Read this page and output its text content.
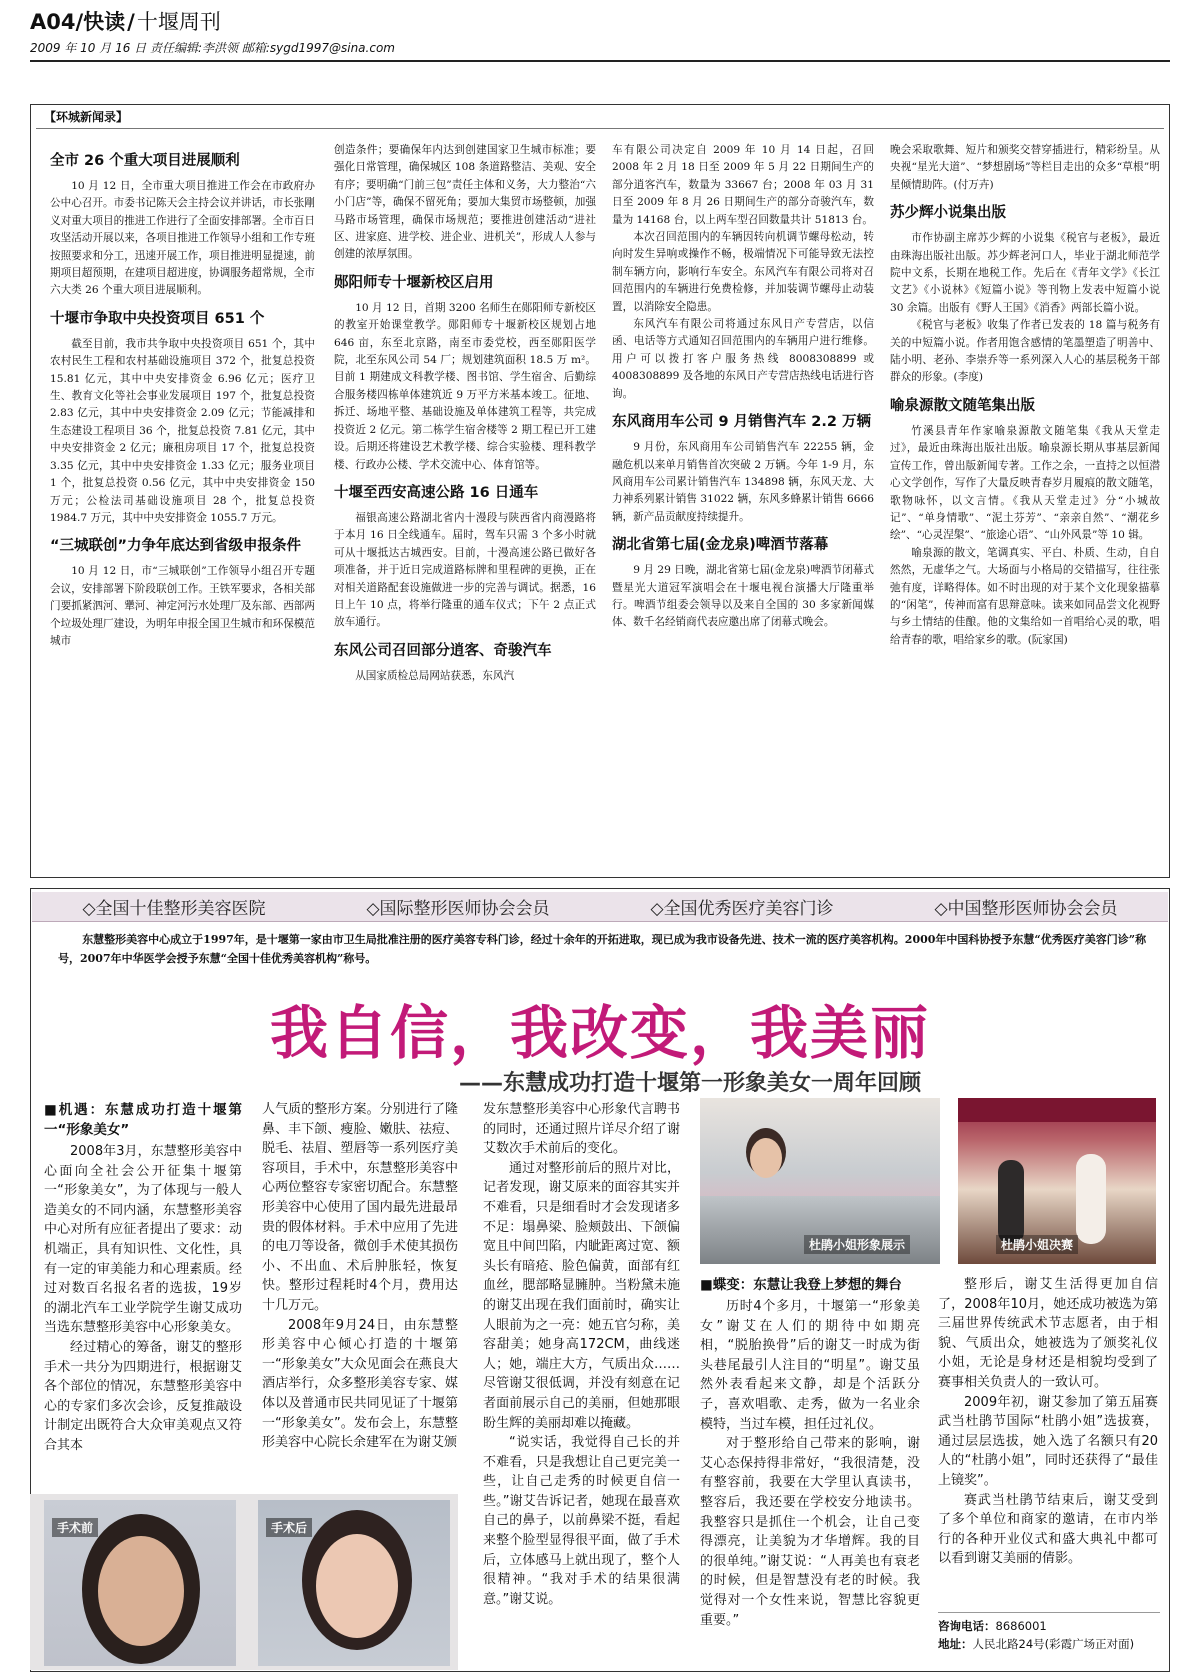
A04/快读/十堰周刊
2009 年 10 月 16 日 责任编辑:李洪领 邮箱:sygd1997@sina.com
【环城新闻录】
全市 26 个重大项目进展顺利

10 月 12 日，全市重大项目推进工作会在市政府办公中心召开。市委书记陈天会主持会议并讲话，市长张剛义对重大项目的推进工作进行了全面安排部署。全市百日攻坚活动开展以来，各项目推进工作领导小组和工作专班按照要求和分工，迅速开展工作，项目推进明显提速，前期项目超预期，在建项目超进度，协调服务超常规，全市六大类 26 个重大项目进展顺利。

十堰市争取中央投资项目 651 个

截至目前，我市共争取中央投资项目 651 个，其中农村民生工程和农村基础设施项目 372 个，批复总投资 15.81 亿元，其中中央安排资金 6.96 亿元；医疗卫生、教育文化等社会事业发展项目 197 个，批复总投资 2.83 亿元，其中中央安排资金 2.09 亿元；节能减排和生态建设工程项目 36 个，批复总投资 7.81 亿元，其中中央安排资金 2 亿元；廉租房项目 17 个，批复总投资 3.35 亿元，其中中央安排资金 1.33 亿元；服务业项目 1 个，批复总投资 0.56 亿元，其中中央安排资金 150 万元；公检法司基础设施项目 28 个，批复总投资 1984.7 万元，其中中央安排资金 1055.7 万元。

“三城联创”力争年底达到省级申报条件

10 月 12 日，市“三城联创”工作领导小组召开专题会议，安排部署下阶段联创工作。王铁军要求，各相关部门要抓紧泗河、犟河、神定河污水处理厂及东部、西部两个垃圾处理厂建设，为明年申报全国卫生城市和环保模范城市

创造条件；要确保年内达到创建国家卫生城市标准；要强化日常管理，确保城区 108 条道路整洁、美观、安全有序；要明确“门前三包”责任主体和义务，大力整治“六小门店”等，确保不留死角；要加大集贸市场整顿，加强马路市场管理，确保市场规范；要推进创建活动“进社区、进家庭、进学校、进企业、进机关”，形成人人参与创建的浓厚氛围。

郧阳师专十堰新校区启用

10 月 12 日，首期 3200 名师生在郧阳师专新校区的教室开始课堂教学。郧阳师专十堰新校区规划占地 646 亩，东至北京路，南至市委党校，西至郧阳医学院，北至东风公司 54 厂；规划建筑面积 18.5 万 m²。目前 1 期建成文科教学楼、图书馆、学生宿舍、后勤综合服务楼四栋单体建筑近 9 万平方米基本竣工。征地、拆迁、场地平整、基础设施及单体建筑工程等，共完成投资近 2 亿元。第二栋学生宿舍楼等 2 期工程已开工建设。后期还将建设艺术教学楼、综合实验楼、理科教学楼、行政办公楼、学术交流中心、体育馆等。

十堰至西安高速公路 16 日通车

福银高速公路湖北省内十漫段与陕西省内商漫路将于本月 16 日全线通车。届时，驾车只需 3 个多小时就可从十堰抵达古城西安。目前，十漫高速公路已做好各项准备，并于近日完成道路标牌和里程碑的更换，正在对相关道路配套设施做进一步的完善与调试。据悉，16 日上午 10 点，将举行隆重的通车仪式；下午 2 点正式放车通行。

东风公司召回部分逍客、奇骏汽车

从国家质检总局网站获悉，东风汽

车有限公司决定自 2009 年 10 月 14 日起，召回 2008 年 2 月 18 日至 2009 年 5 月 22 日期间生产的部分逍客汽车，数量为 33667 台；2008 年 03 月 31 日至 2009 年 8 月 26 日期间生产的部分奇骏汽车，数量为 14168 台，以上两车型召回数量共计 51813 台。

本次召回范围内的车辆因转向机调节螺母松动，转向时发生异响或操作不畅，极端情况下可能导致无法控制车辆方向，影响行车安全。东风汽车有限公司将对召回范围内的车辆进行免费检修，并加装调节螺母止动装置，以消除安全隐患。

东风汽车有限公司将通过东风日产专营店，以信函、电话等方式通知召回范围内的车辆用户进行维修。用户可以拨打客户服务热线 8008308899 或 4008308899 及各地的东风日产专营店热线电话进行咨询。

东风商用车公司 9 月销售汽车 2.2 万辆

9 月份，东风商用车公司销售汽车 22255 辆，金融危机以来单月销售首次突破 2 万辆。今年 1-9 月，东风商用车公司累计销售汽车 134898 辆，东风天龙、大力神系列累计销售 31022 辆，东风多蜂累计销售 6666 辆，新产品贡献度持续提升。

湖北省第七届(金龙泉)啤酒节落幕

9 月 29 日晚，湖北省第七届(金龙泉)啤酒节闭幕式暨星光大道冠军演唱会在十堰电视台演播大厅隆重举行。啤酒节组委会领导以及来自全国的 30 多家新闻媒体、数千名经销商代表应邀出席了闭幕式晚会。

晚会采取歌舞、短片和颁奖交替穿插进行，精彩纷呈。从央视“星光大道”、“梦想剧场”等栏目走出的众多“草根”明星倾情助阵。(付万卉)

苏少辉小说集出版

市作协副主席苏少辉的小说集《税官与老板》，最近由珠海出版社出版。苏少辉老河口人，毕业于湖北师范学院中文系，长期在地税工作。先后在《青年文学》《长江文艺》《小说林》《短篇小说》等刊物上发表中短篇小说 30 余篇。出版有《野人王国》《消香》两部长篇小说。

《税官与老板》收集了作者已发表的 18 篇与税务有关的中短篇小说。作者用饱含感情的笔墨塑造了明善中、陆小明、老孙、李崇乔等一系列深入人心的基层税务干部群众的形象。(李度)

喻泉源散文随笔集出版

竹溪县青年作家喻泉源散文随笔集《我从天堂走过》，最近由珠海出版社出版。喻泉源长期从事基层新闻宣传工作，曾出版新闻专著。工作之余，一直持之以恒潜心文学创作，写作了大量反映青春岁月履痕的散文随笔，歌物咏怀，以文言情。《我从天堂走过》分“小城故记”、“单身情歌”、“泥土芬芳”、“亲亲自然”、“潮花乡绘”、“心灵涅槃”、“旅途心语”、“山外风景”等 10 辑。

喻泉源的散文，笔调真实、平白、朴质、生动，自自然然，无虚华之气。大场面与小格局的交错描写，往往张弛有度，详略得体。如不时出现的对于某个文化现象描摹的“闲笔”，传神而富有思辩意味。读来如同品尝文化视野与乡土情结的佳酿。他的文集给如一首唱给心灵的歌，唱给青春的歌，唱给家乡的歌。(阮家国)

◇全国十佳整形美容医院	◇国际整形医师协会会员	◇全国优秀医疗美容门诊	◇中国整形医师协会会员
东慧整形美容中心成立于1997年，是十堰第一家由市卫生局批准注册的医疗美容专科门诊，经过十余年的开拓进取，现已成为我市设备先进、技术一流的医疗美容机构。2000年中国科协授予东慧“优秀医疗美容门诊”称号，2007年中华医学会授予东慧“全国十佳优秀美容机构”称号。
我自信，我改变，我美丽
——东慧成功打造十堰第一形象美女一周年回顾
■机遇：东慧成功打造十堰第一“形象美女”

2008年3月，东慧整形美容中心面向全社会公开征集十堰第一“形象美女”，为了体现与一般人造美女的不同内涵，东慧整形美容中心对所有应征者提出了要求：动机端正，具有知识性、文化性，具有一定的审美能力和心理素质。经过对数百名报名者的选拔，19岁的湖北汽车工业学院学生谢艾成功当选东慧整形美容中心形象美女。

经过精心的筹备，谢艾的整形手术一共分为四期进行，根据谢艾各个部位的情况，东慧整形美容中心的专家们多次会诊，反复推敲设计制定出既符合大众审美观点又符合其本

人气质的整形方案。分别进行了隆鼻、丰下颌、瘦脸、嫩肤、祛痘、脱毛、祛眉、塑唇等一系列医疗美容项目，手术中，东慧整形美容中心两位整容专家密切配合。东慧整形美容中心使用了国内最先进最昂贵的假体材料。手术中应用了先进的电刀等设备，微创手术使其损伤小、不出血、术后肿胀轻，恢复快。整形过程耗时4个月，费用达十几万元。

2008年9月24日，由东慧整形美容中心倾心打造的十堰第一“形象美女”大众见面会在燕良大酒店举行，众多整形美容专家、媒体以及普通市民共同见证了十堰第一“形象美女”。发布会上，东慧整形美容中心院长余建军在为谢艾颁

发东慧整形美容中心形象代言聘书的同时，还通过照片详尽介绍了谢艾数次手术前后的变化。

通过对整形前后的照片对比，记者发现，谢艾原来的面容其实并不难看，只是细看时才会发现诸多不足：塌鼻梁、脸颊鼓出、下颌偏宽且中间凹陷，内眦距离过宽、额头长有暗疮、脸色偏黄，面部有红血丝，腮部略显臃肿。当粉黛未施的谢艾出现在我们面前时，确实让人眼前为之一亮：她五官匀称，美容甜美；她身高172CM，曲线迷人；她，端庄大方，气质出众……尽管谢艾很低调，并没有刻意在记者面前展示自己的美丽，但她那眼盼生辉的美丽却难以掩藏。

“说实话，我觉得自己长的并不难看，只是我想让自己更完美一些，让自己走秀的时候更自信一些。”谢艾告诉记者，她现在最喜欢自己的鼻子，以前鼻梁不挺，看起来整个脸型显得很平面，做了手术后，立体感马上就出现了，整个人很精神。“我对手术的结果很满意。”谢艾说。

杜鹃小姐形象展示	杜鹃小姐决赛
■蝶变：东慧让我登上梦想的舞台

历时4个多月，十堰第一“形象美女”谢艾在人们的期待中如期亮相，“脱胎换骨”后的谢艾一时成为街头巷尾最引人注目的“明星”。谢艾虽然外表看起来文静，却是个活跃分子，喜欢唱歌、走秀，做为一名业余模特，当过车模，担任过礼仪。

对于整形给自己带来的影响，谢艾心态保持得非常好，“我很清楚，没有整容前，我要在大学里认真读书，整容后，我还要在学校安分地读书。我整容只是抓住一个机会，让自己变得漂亮，让美貌为才华增辉。我的目的很单纯。”谢艾说：“人再美也有衰老的时候，但是智慧没有老的时候。我觉得对一个女性来说，智慧比容貌更重要。”

整形后，谢艾生活得更加自信了，2008年10月，她还成功被选为第三届世界传统武术节志愿者，由于相貌、气质出众，她被选为了颁奖礼仪小姐，无论是身材还是相貌均受到了赛事相关负责人的一致认可。

2009年初，谢艾参加了第五届赛武当杜鹃节国际“杜鹃小姐”选拔赛，通过层层选拔，她入选了名额只有20人的“杜鹃小姐”，同时还获得了“最佳上镜奖”。

赛武当杜鹃节结束后，谢艾受到了多个单位和商家的邀请，在市内举行的各种开业仪式和盛大典礼中都可以看到谢艾美丽的倩影。

咨询电话：8686001
地址：人民北路24号(彩霞广场正对面)
手术前	手术后
